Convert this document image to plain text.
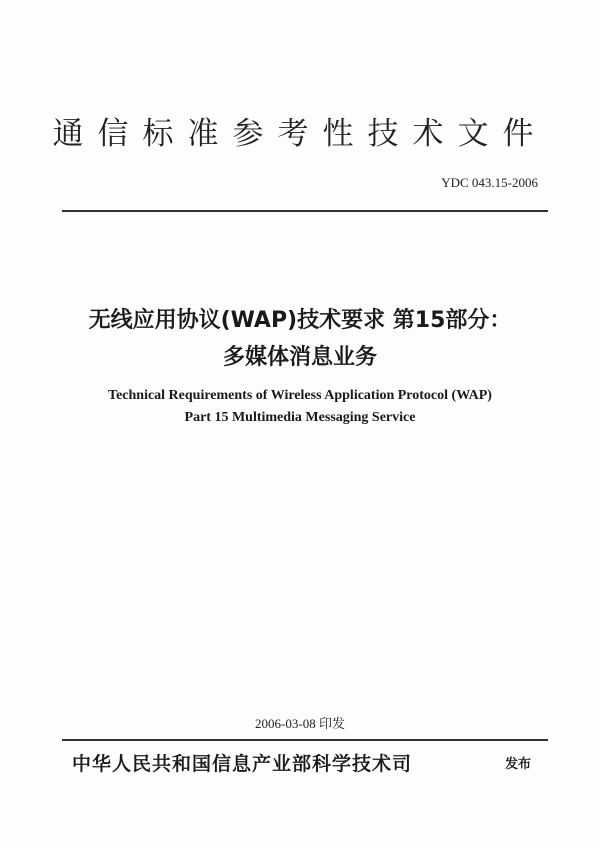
通信标准参考性技术文件
YDC 043.15-2006
无线应用协议(WAP)技术要求 第15部分：
多媒体消息业务
Technical Requirements of Wireless Application Protocol (WAP)
Part 15 Multimedia Messaging Service
2006-03-08 印发
中华人民共和国信息产业部科学技术司	发布
